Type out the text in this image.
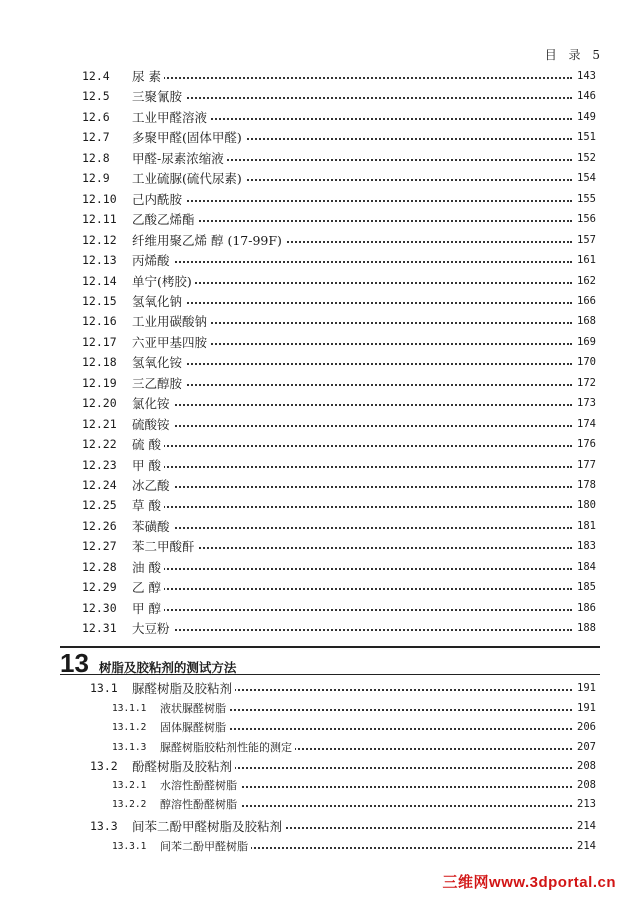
目 录 5
12.4	尿 素	143
12.5	三聚氰胺	146
12.6	工业甲醛溶液	149
12.7	多聚甲醛(固体甲醛)	151
12.8	甲醛-尿素浓缩液	152
12.9	工业硫脲(硫代尿素)	154
12.10	己内酰胺	155
12.11	乙酸乙烯酯	156
12.12	纤维用聚乙烯 醇 (17-99F)	157
12.13	丙烯酸	161
12.14	单宁(栲胶)	162
12.15	氢氧化钠	166
12.16	工业用碳酸钠	168
12.17	六亚甲基四胺	169
12.18	氢氧化铵	170
12.19	三乙醇胺	172
12.20	氯化铵	173
12.21	硫酸铵	174
12.22	硫 酸	176
12.23	甲 酸	177
12.24	冰乙酸	178
12.25	草 酸	180
12.26	苯磺酸	181
12.27	苯二甲酸酐	183
12.28	油 酸	184
12.29	乙 醇	185
12.30	甲 醇	186
12.31	大豆粉	188
13 树脂及胶粘剂的测试方法
13.1	脲醛树脂及胶粘剂	191
13.1.1	液状脲醛树脂	191
13.1.2	固体脲醛树脂	206
13.1.3	脲醛树脂胶粘剂性能的测定	207
13.2	酚醛树脂及胶粘剂	208
13.2.1	水溶性酚醛树脂	208
13.2.2	醇溶性酚醛树脂	213
13.3	间苯二酚甲醛树脂及胶粘剂	214
13.3.1	间苯二酚甲醛树脂	214
三维网www.3dportal.cn
